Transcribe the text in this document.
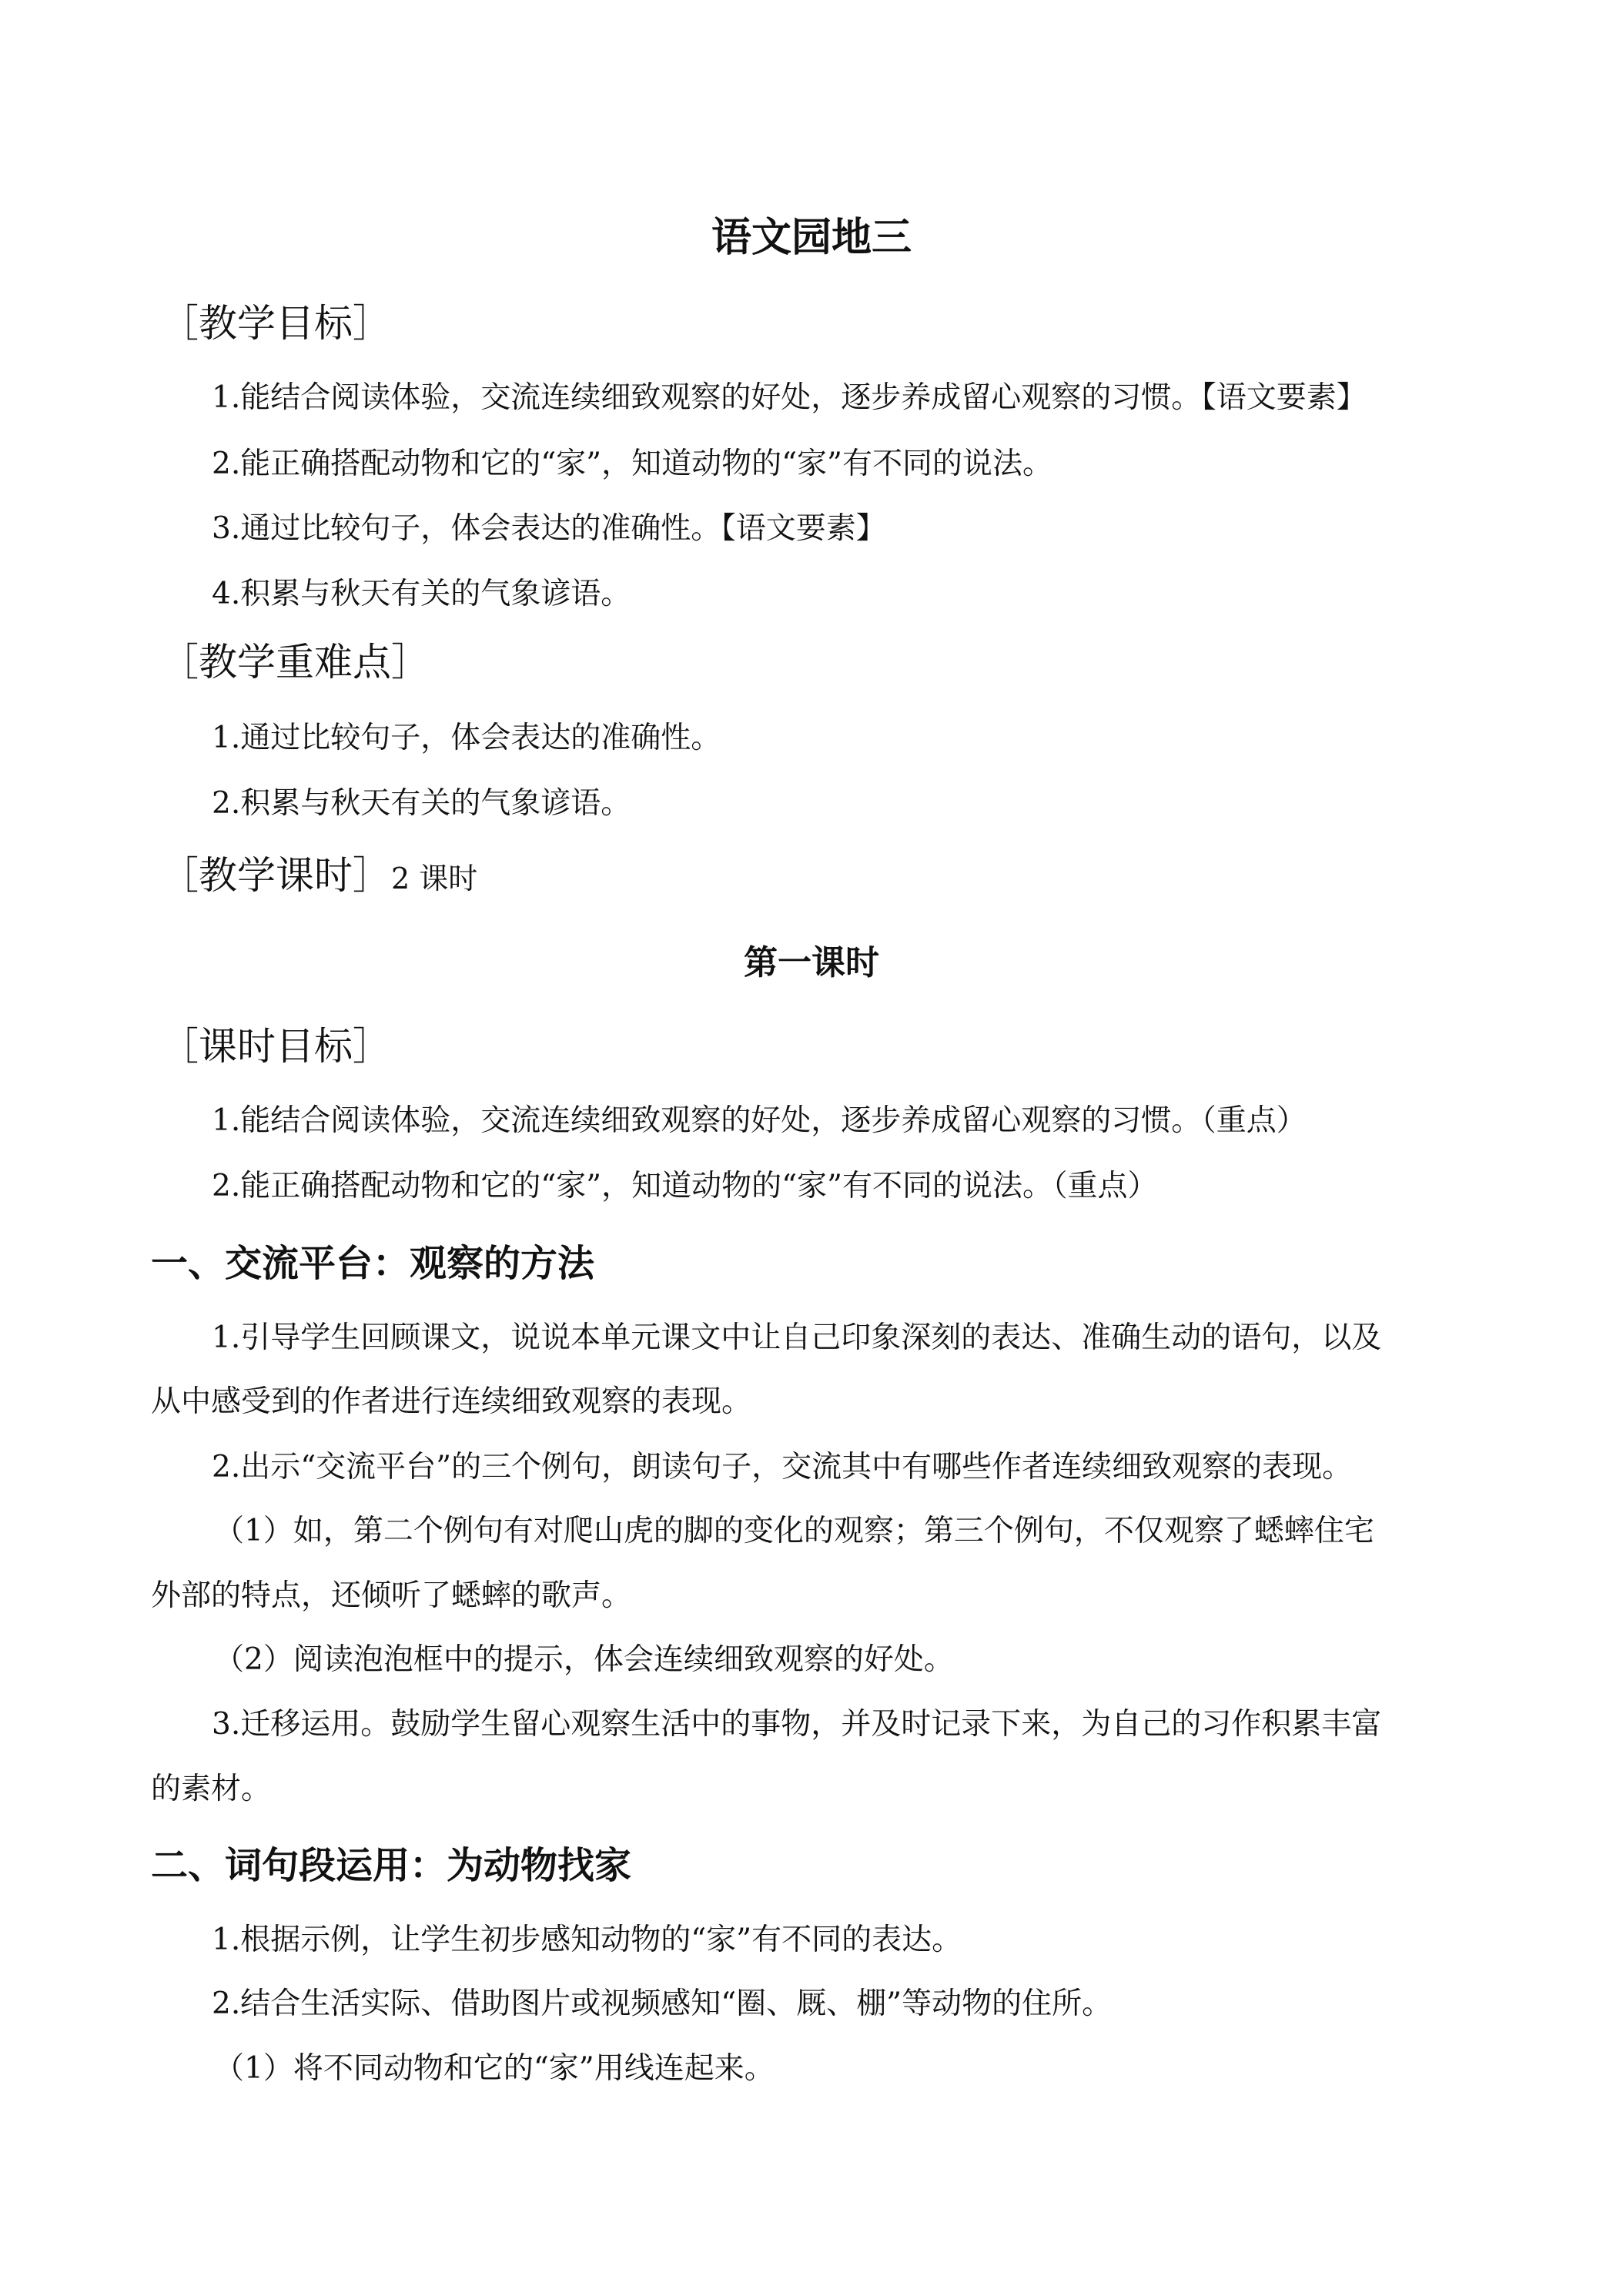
语文园地三
［教学目标］
1.能结合阅读体验，交流连续细致观察的好处，逐步养成留心观察的习惯。【语文要素】
2.能正确搭配动物和它的“家”，知道动物的“家”有不同的说法。
3.通过比较句子，体会表达的准确性。【语文要素】
4.积累与秋天有关的气象谚语。
［教学重难点］
1.通过比较句子，体会表达的准确性。
2.积累与秋天有关的气象谚语。
［教学课时］2 课时
第一课时
［课时目标］
1.能结合阅读体验，交流连续细致观察的好处，逐步养成留心观察的习惯。（重点）
2.能正确搭配动物和它的“家”，知道动物的“家”有不同的说法。（重点）
一、交流平台：观察的方法
1.引导学生回顾课文，说说本单元课文中让自己印象深刻的表达、准确生动的语句，以及
从中感受到的作者进行连续细致观察的表现。
2.出示“交流平台”的三个例句，朗读句子，交流其中有哪些作者连续细致观察的表现。
（1）如，第二个例句有对爬山虎的脚的变化的观察；第三个例句，不仅观察了蟋蟀住宅
外部的特点，还倾听了蟋蟀的歌声。
（2）阅读泡泡框中的提示，体会连续细致观察的好处。
3.迁移运用。鼓励学生留心观察生活中的事物，并及时记录下来，为自己的习作积累丰富
的素材。
二、词句段运用：为动物找家
1.根据示例，让学生初步感知动物的“家”有不同的表达。
2.结合生活实际、借助图片或视频感知“圈、厩、棚”等动物的住所。
（1）将不同动物和它的“家”用线连起来。
